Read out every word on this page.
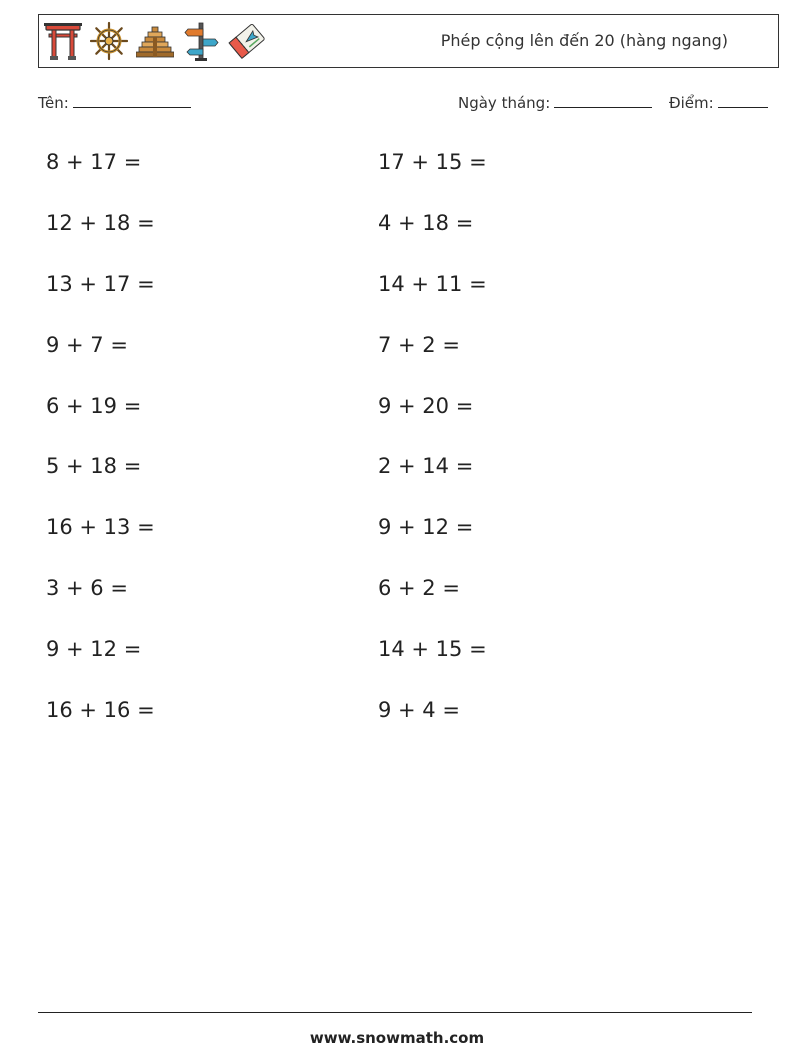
Phép cộng lên đến 20 (hàng ngang)
Tên:	Ngày tháng:	Điểm:
8 + 17 =
12 + 18 =
13 + 17 =
9 + 7 =
6 + 19 =
5 + 18 =
16 + 13 =
3 + 6 =
9 + 12 =
16 + 16 =
17 + 15 =
4 + 18 =
14 + 11 =
7 + 2 =
9 + 20 =
2 + 14 =
9 + 12 =
6 + 2 =
14 + 15 =
9 + 4 =
www.snowmath.com
